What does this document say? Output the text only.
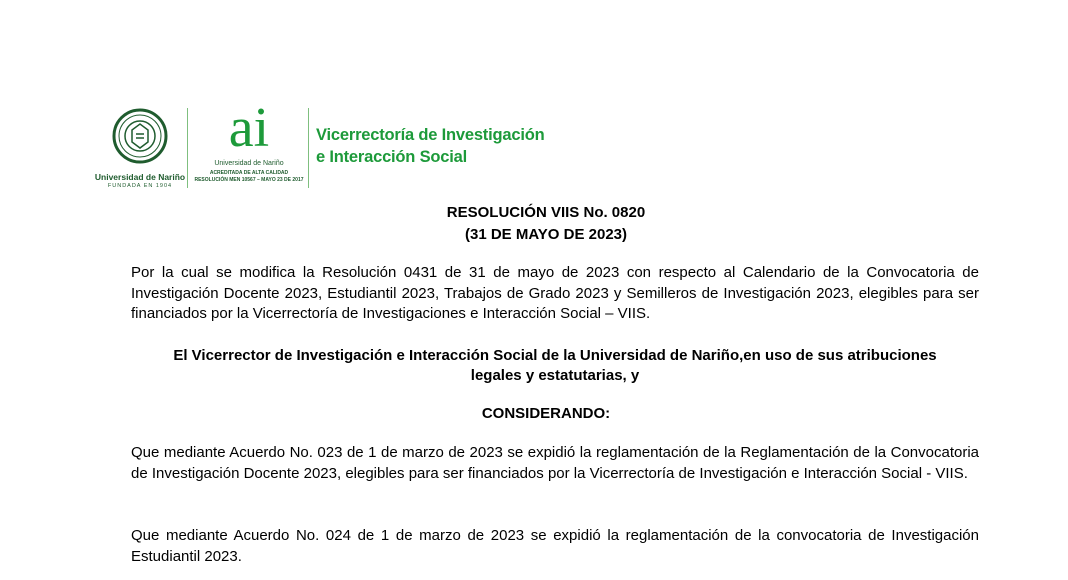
Universidad de Nariño
FUNDADA EN 1904
ai
Universidad de Nariño
ACREDITADA DE ALTA CALIDAD
RESOLUCIÓN MEN 10567 – MAYO 23 DE 2017
Vicerrectoría de Investigación
e Interacción Social
RESOLUCIÓN VIIS No. 0820
(31 DE MAYO DE 2023)
Por la cual se modifica la Resolución 0431 de 31 de mayo de 2023 con respecto al Calendario de la Convocatoria de Investigación Docente 2023, Estudiantil 2023, Trabajos de Grado 2023 y Semilleros de Investigación 2023, elegibles para ser financiados por la Vicerrectoría de Investigaciones e Interacción Social – VIIS.
El Vicerrector de Investigación e Interacción Social de la Universidad de Nariño,en uso de sus atribuciones legales y estatutarias, y
CONSIDERANDO:
Que mediante Acuerdo No. 023 de 1 de marzo de 2023 se expidió la reglamentación de la Reglamentación de la Convocatoria de Investigación Docente 2023, elegibles para ser financiados por la Vicerrectoría de Investigación e Interacción Social - VIIS.
Que mediante Acuerdo No. 024 de 1 de marzo de 2023 se expidió la reglamentación de la convocatoria de Investigación Estudiantil 2023.
